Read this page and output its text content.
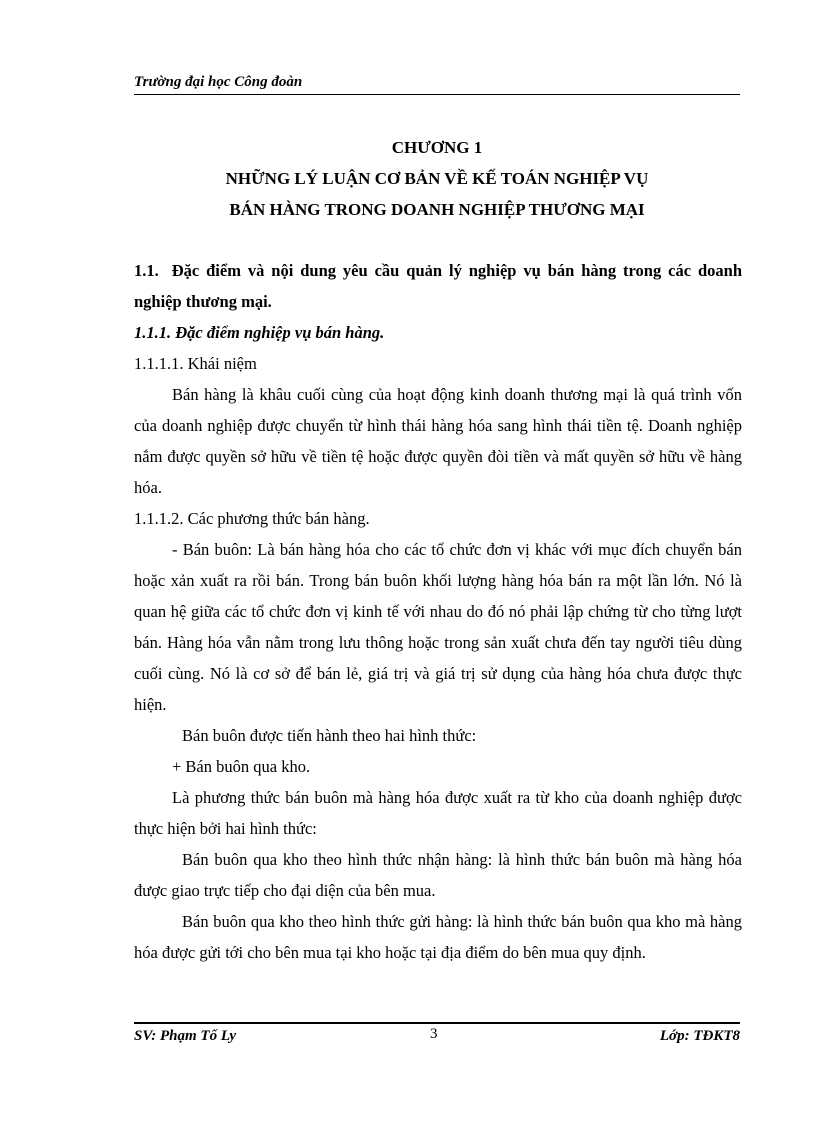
Trường đại học Công đoàn
CHƯƠNG 1
NHỮNG LÝ LUẬN CƠ BẢN VỀ KẾ TOÁN NGHIỆP VỤ
BÁN HÀNG TRONG DOANH NGHIỆP THƯƠNG MẠI
1.1. Đặc điểm và nội dung yêu cầu quản lý nghiệp vụ bán hàng trong các doanh nghiệp thương mại.
1.1.1. Đặc điểm nghiệp vụ bán hàng.

1.1.1.1. Khái niệm

Bán hàng là khâu cuối cùng của hoạt động kinh doanh thương mại là quá trình vốn của doanh nghiệp được chuyển từ hình thái hàng hóa sang hình thái tiền tệ. Doanh nghiệp nắm được quyền sở hữu về tiền tệ hoặc được quyền đòi tiền và mất quyền sở hữu về hàng hóa.

1.1.1.2. Các phương thức bán hàng.

- Bán buôn: Là bán hàng hóa cho các tổ chức đơn vị khác với mục đích chuyển bán hoặc xản xuất ra rồi bán. Trong bán buôn khối lượng hàng hóa bán ra một lần lớn. Nó là quan hệ giữa các tổ chức đơn vị kinh tế với nhau do đó nó phải lập chứng từ cho từng lượt bán. Hàng hóa vẫn nằm trong lưu thông hoặc trong sản xuất chưa đến tay người tiêu dùng cuối cùng. Nó là cơ sở để bán lẻ, giá trị và giá trị sử dụng của hàng hóa chưa được thực hiện.

Bán buôn được tiến hành theo hai hình thức:

+ Bán buôn qua kho.

Là phương thức bán buôn mà hàng hóa được xuất ra từ kho của doanh nghiệp được thực hiện bởi hai hình thức:

Bán buôn qua kho theo hình thức nhận hàng: là hình thức bán buôn mà hàng hóa được giao trực tiếp cho đại diện của bên mua.

Bán buôn qua kho theo hình thức gửi hàng: là hình thức bán buôn qua kho mà hàng hóa được gửi tới cho bên mua tại kho hoặc tại địa điểm do bên mua quy định.

SV: Phạm Tố Ly	3	Lớp: TĐKT8
